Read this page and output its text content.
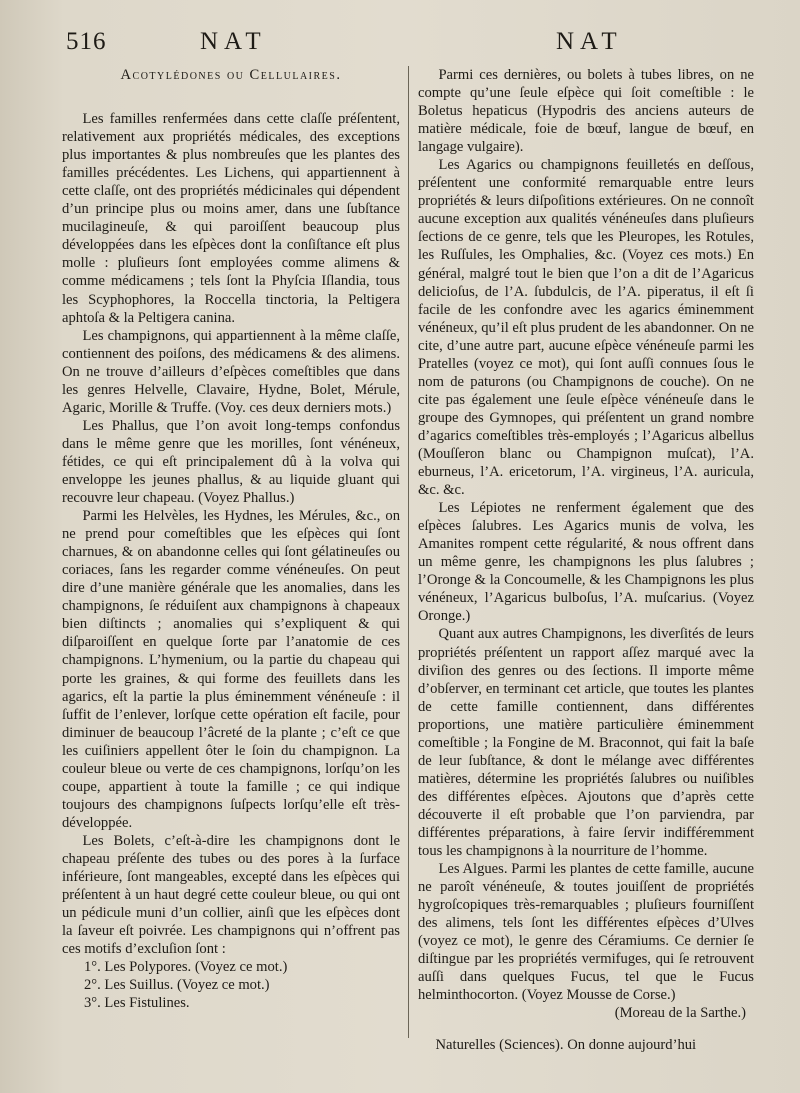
516	NAT	NAT

Acotylédones ou Cellulaires.

Les familles renfermées dans cette claſſe préſentent, relativement aux propriétés médicales, des exceptions plus importantes & plus nombreuſes que les plantes des familles précédentes. Les Lichens, qui appartiennent à cette claſſe, ont des propriétés médicinales qui dépendent d’un principe plus ou moins amer, dans une ſubſtance mucilagineuſe, & qui paroiſſent beaucoup plus développées dans les eſpèces dont la conſiſtance eſt plus molle : pluſieurs ſont employées comme alimens & comme médicamens ; tels ſont la Phyſcia Iſlandia, tous les Scyphophores, la Roccella tinctoria, la Peltigera aphtoſa & la Peltigera canina.

Les champignons, qui appartiennent à la même claſſe, contiennent des poiſons, des médicamens & des alimens. On ne trouve d’ailleurs d’eſpèces comeſtibles que dans les genres Helvelle, Clavaire, Hydne, Bolet, Mérule, Agaric, Morille & Truffe. (Voy. ces deux derniers mots.)

Les Phallus, que l’on avoit long-temps confondus dans le même genre que les morilles, ſont vénéneux, fétides, ce qui eſt principalement dû à la volva qui enveloppe les jeunes phallus, & au liquide gluant qui recouvre leur chapeau. (Voyez Phallus.)

Parmi les Helvèles, les Hydnes, les Mérules, &c., on ne prend pour comeſtibles que les eſpèces qui ſont charnues, & on abandonne celles qui ſont gélatineuſes ou coriaces, ſans les regarder comme vénéneuſes. On peut dire d’une manière générale que les anomalies, dans les champignons, ſe réduiſent aux champignons à chapeaux bien diſtincts ; anomalies qui s’expliquent & qui diſparoiſſent en quelque ſorte par l’anatomie de ces champignons. L’hymenium, ou la partie du chapeau qui porte les graines, & qui forme des feuillets dans les agarics, eſt la partie la plus éminemment vénéneuſe : il ſuffit de l’enlever, lorſque cette opération eſt facile, pour diminuer de beaucoup l’âcreté de la plante ; c’eſt ce que les cuiſiniers appellent ôter le ſoin du champignon. La couleur bleue ou verte de ces champignons, lorſqu’on les coupe, appartient à toute la famille ; ce qui indique toujours des champignons ſuſpects lorſqu’elle eſt très-développée.

Les Bolets, c’eſt-à-dire les champignons dont le chapeau préſente des tubes ou des pores à la ſurface inférieure, ſont mangeables, excepté dans les eſpèces qui préſentent à un haut degré cette couleur bleue, ou qui ont un pédicule muni d’un collier, ainſi que les eſpèces dont la ſaveur eſt poivrée. Les champignons qui n’offrent pas ces motifs d’excluſion ſont :

1°. Les Polypores. (Voyez ce mot.)

2°. Les Suillus. (Voyez ce mot.)

3°. Les Fistulines.

Parmi ces dernières, ou bolets à tubes libres, on ne compte qu’une ſeule eſpèce qui ſoit comeſtible : le Boletus hepaticus (Hypodris des anciens auteurs de matière médicale, foie de bœuf, langue de bœuf, en langage vulgaire).

Les Agarics ou champignons feuilletés en deſſous, préſentent une conformité remarquable entre leurs propriétés & leurs diſpoſitions extérieures. On ne connoît aucune exception aux qualités vénéneuſes dans pluſieurs ſections de ce genre, tels que les Pleuropes, les Rotules, les Ruſſules, les Omphalies, &c. (Voyez ces mots.) En général, malgré tout le bien que l’on a dit de l’Agaricus delicioſus, de l’A. ſubdulcis, de l’A. piperatus, il eſt ſi facile de les confondre avec les agarics éminemment vénéneux, qu’il eſt plus prudent de les abandonner. On ne cite, d’une autre part, aucune eſpèce vénéneuſe parmi les Pratelles (voyez ce mot), qui ſont auſſi connues ſous le nom de paturons (ou Champignons de couche). On ne cite pas également une ſeule eſpèce vénéneuſe dans le groupe des Gymnopes, qui préſentent un grand nombre d’agarics comeſtibles très-employés ; l’Agaricus albellus (Mouſſeron blanc ou Champignon muſcat), l’A. eburneus, l’A. ericetorum, l’A. virgineus, l’A. auricula, &c. &c.

Les Lépiotes ne renferment également que des eſpèces ſalubres. Les Agarics munis de volva, les Amanites rompent cette régularité, & nous offrent dans un même genre, les champignons les plus ſalubres ; l’Oronge & la Concoumelle, & les Champignons les plus vénéneux, l’Agaricus bulboſus, l’A. muſcarius. (Voyez Oronge.)

Quant aux autres Champignons, les diverſités de leurs propriétés préſentent un rapport aſſez marqué avec la diviſion des genres ou des ſections. Il importe même d’obſerver, en terminant cet article, que toutes les plantes de cette famille contiennent, dans différentes proportions, une matière particulière éminemment comeſtible ; la Fongine de M. Braconnot, qui fait la baſe de leur ſubſtance, & dont le mélange avec différentes matières, détermine les propriétés ſalubres ou nuiſibles des différentes eſpèces. Ajoutons que d’après cette découverte il eſt probable que l’on parviendra, par différentes préparations, à faire ſervir indifféremment tous les champignons à la nourriture de l’homme.

Les Algues. Parmi les plantes de cette famille, aucune ne paroît vénéneuſe, & toutes jouiſſent de propriétés hygroſcopiques très-remarquables ; pluſieurs fourniſſent des alimens, tels ſont les différentes eſpèces d’Ulves (voyez ce mot), le genre des Céramiums. Ce dernier ſe diſtingue par les propriétés vermifuges, qui ſe retrouvent auſſi dans quelques Fucus, tel que le Fucus helminthocorton. (Voyez Mousse de Corse.)

(Moreau de la Sarthe.)

Naturelles (Sciences). On donne aujourd’hui
